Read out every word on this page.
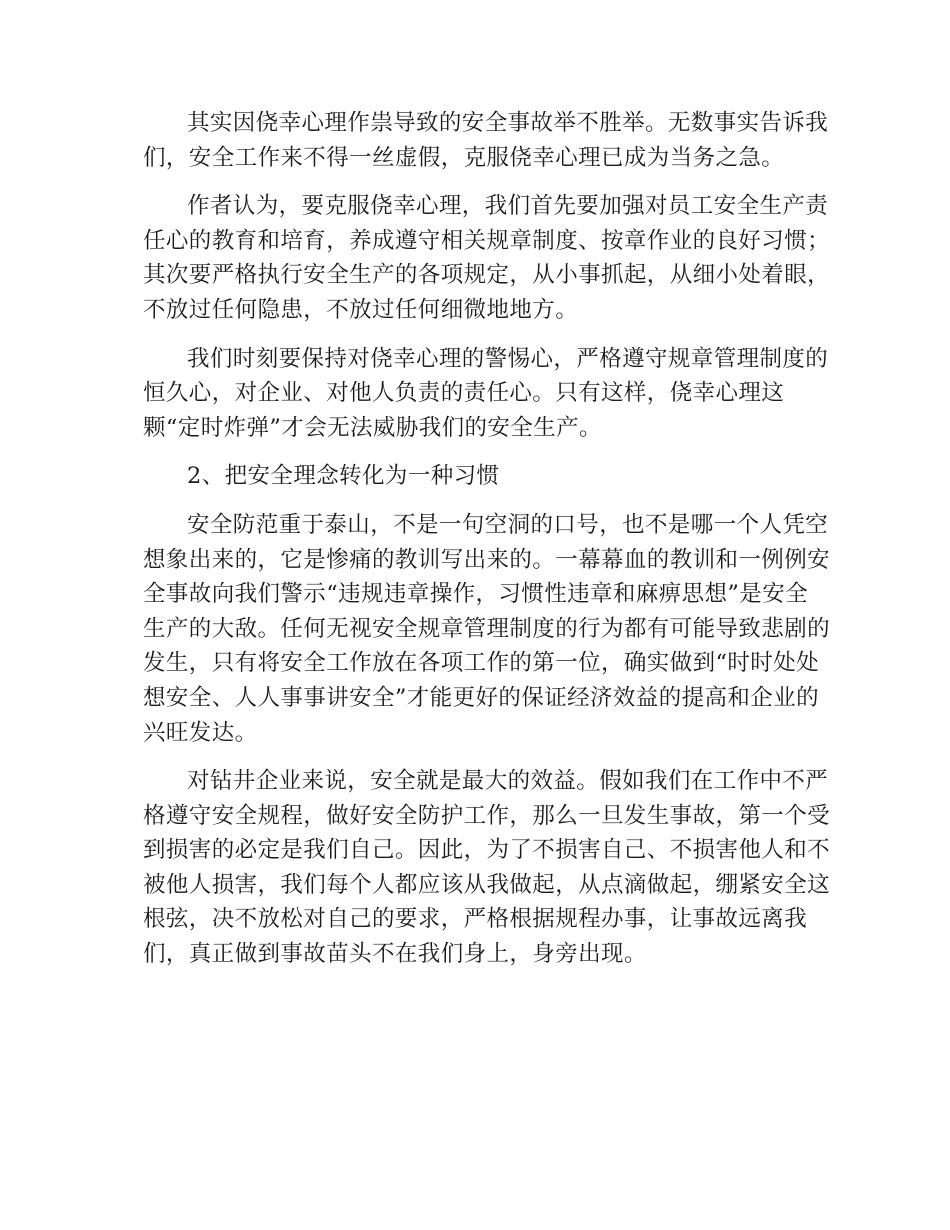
其实因侥幸心理作祟导致的安全事故举不胜举。无数事实告诉我
们，安全工作来不得一丝虚假，克服侥幸心理已成为当务之急。

作者认为，要克服侥幸心理，我们首先要加强对员工安全生产责
任心的教育和培育，养成遵守相关规章制度、按章作业的良好习惯；
其次要严格执行安全生产的各项规定，从小事抓起，从细小处着眼，
不放过任何隐患，不放过任何细微地地方。

我们时刻要保持对侥幸心理的警惕心，严格遵守规章管理制度的
恒久心，对企业、对他人负责的责任心。只有这样，侥幸心理这
颗“定时炸弹”才会无法威胁我们的安全生产。

2、把安全理念转化为一种习惯

安全防范重于泰山，不是一句空洞的口号，也不是哪一个人凭空
想象出来的，它是惨痛的教训写出来的。一幕幕血的教训和一例例安
全事故向我们警示“违规违章操作，习惯性违章和麻痹思想”是安全
生产的大敌。任何无视安全规章管理制度的行为都有可能导致悲剧的
发生，只有将安全工作放在各项工作的第一位，确实做到“时时处处
想安全、人人事事讲安全”才能更好的保证经济效益的提高和企业的
兴旺发达。

对钻井企业来说，安全就是最大的效益。假如我们在工作中不严
格遵守安全规程，做好安全防护工作，那么一旦发生事故，第一个受
到损害的必定是我们自己。因此，为了不损害自己、不损害他人和不
被他人损害，我们每个人都应该从我做起，从点滴做起，绷紧安全这
根弦，决不放松对自己的要求，严格根据规程办事，让事故远离我
们，真正做到事故苗头不在我们身上，身旁出现。
